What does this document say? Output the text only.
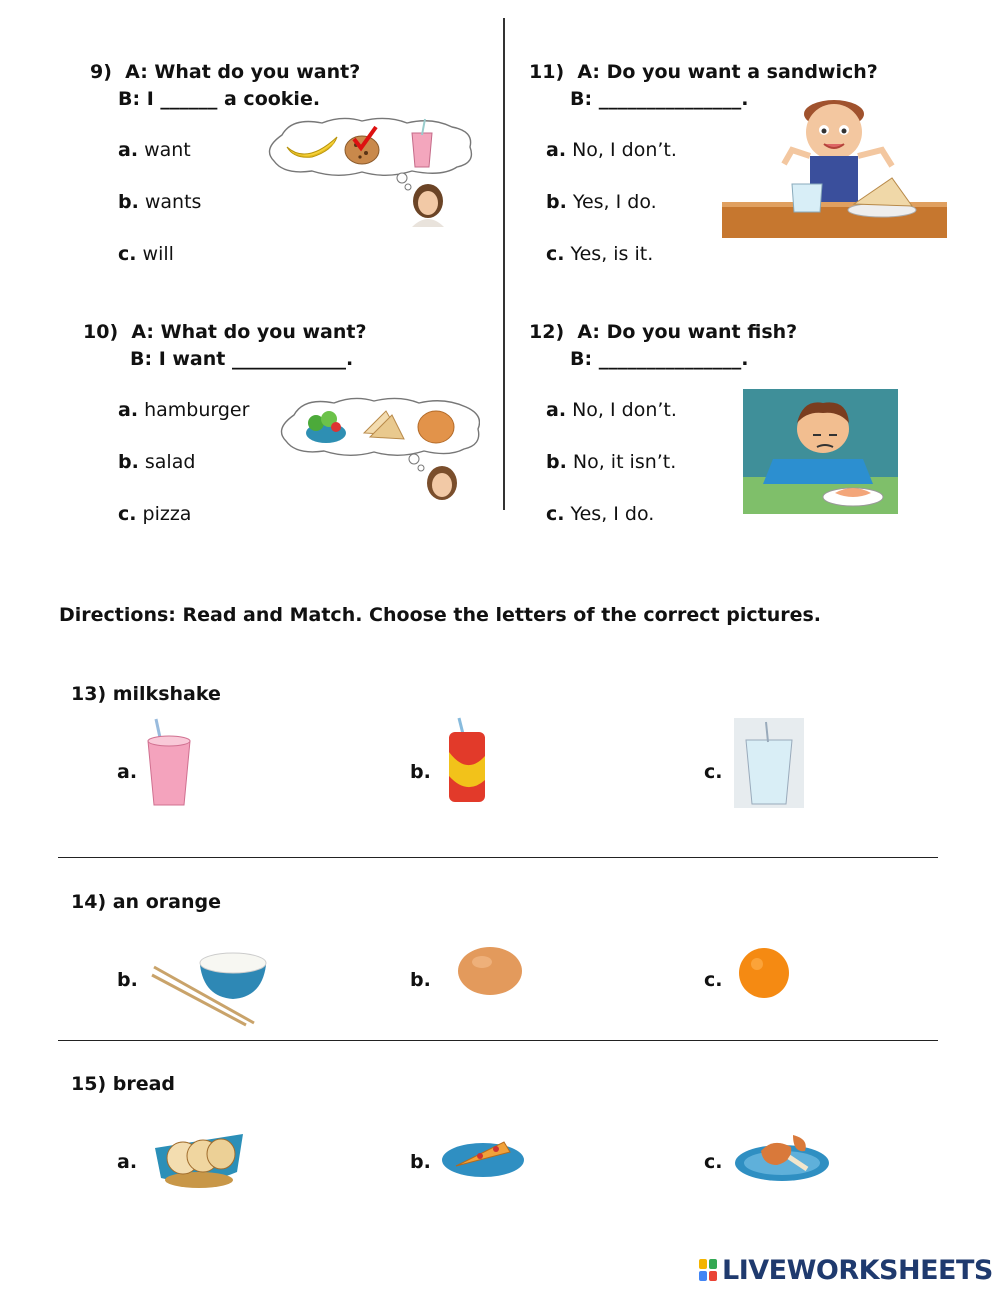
9)  A: What do you want?
B: I ______ a cookie.
a. want
b. wants
c. will
10)  A: What do you want?
B: I want ____________.
a. hamburger
b. salad
c. pizza
11)  A: Do you want a sandwich?
B: _______________.
a. No, I don’t.
b. Yes, I do.
c. Yes, is it.
12)  A: Do you want fish?
B: _______________.
a. No, I don’t.
b. No, it isn’t.
c. Yes, I do.
Directions: Read and Match. Choose the letters of the correct pictures.
13) milkshake
a.	b.	c.
14) an orange
b.	b.	c.
15) bread
a.	b.	c.
LIVEWORKSHEETS
